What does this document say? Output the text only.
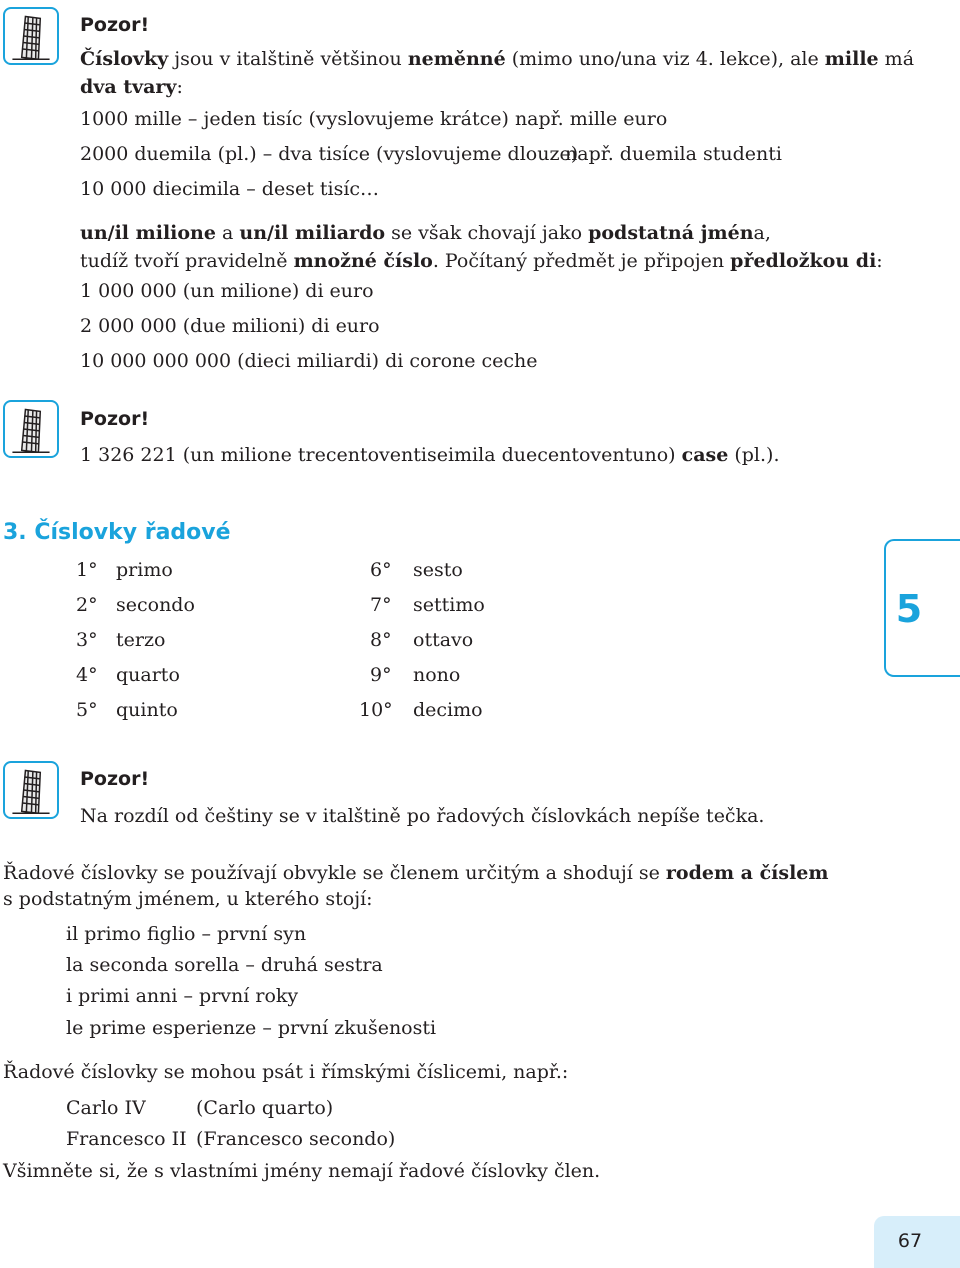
Pozor!
Číslovky jsou v italštině většinou neměnné (mimo uno/una viz 4. lekce), ale mille má
dva tvary:
1000 mille – jeden tisíc (vyslovujeme krátce) např. mille euro
2000 duemila (pl.) – dva tisíce (vyslovujeme dlouze)
např. duemila studenti
10 000 diecimila – deset tisíc…
un/il milione a un/il miliardo se však chovají jako podstatná jména,
tudíž tvoří pravidelně množné číslo. Počítaný předmět je připojen předložkou di:
1 000 000 (un milione) di euro
2 000 000 (due milioni) di euro
10 000 000 000 (dieci miliardi) di corone ceche
Pozor!
1 326 221 (un milione trecentoventiseimila duecentoventuno) case (pl.).
3. Číslovky řadové
1° primo
2° secondo
3° terzo
4° quarto
5° quinto
6° sesto
7° settimo
8° ottavo
9° nono
10° decimo
5
Pozor!
Na rozdíl od češtiny se v italštině po řadových číslovkách nepíše tečka.
Řadové číslovky se používají obvykle se členem určitým a shodují se rodem a číslem
s podstatným jménem, u kterého stojí:
il primo figlio – první syn
la seconda sorella – druhá sestra
i primi anni – první roky
le prime esperienze – první zkušenosti
Řadové číslovky se mohou psát i římskými číslicemi, např.:
Carlo IV	(Carlo quarto)
Francesco II (Francesco secondo)
Všimněte si, že s vlastními jmény nemají řadové číslovky člen.
67
